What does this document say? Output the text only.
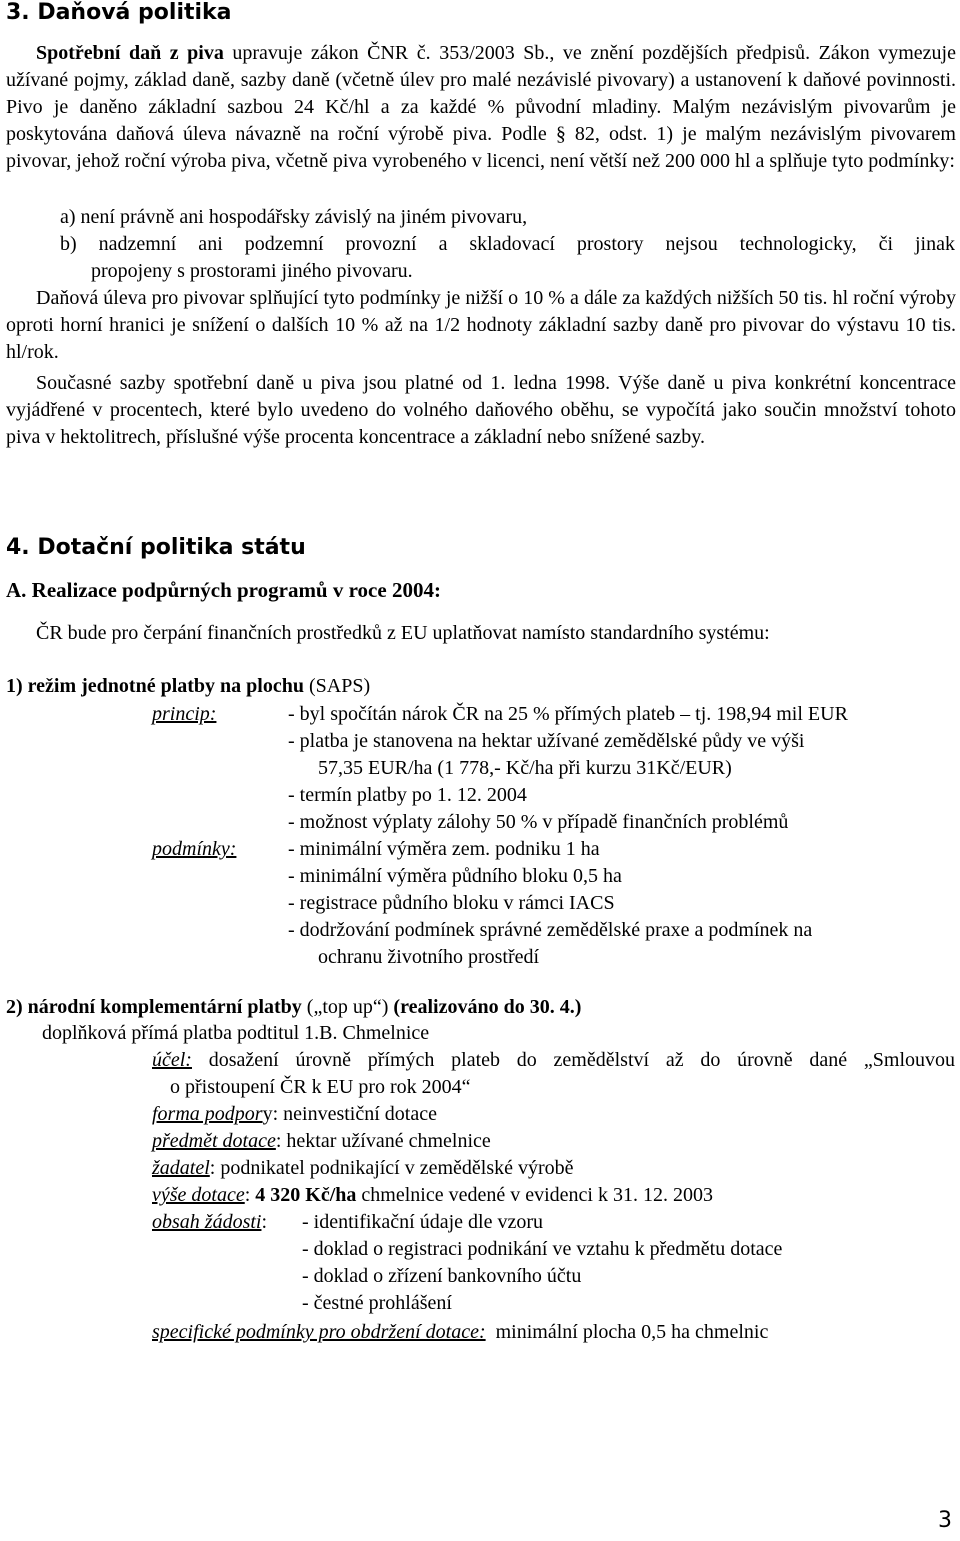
3. Daňová politika

Spotřební daň z piva upravuje zákon ČNR č. 353/2003 Sb., ve znění pozdějších předpisů. Zákon vymezuje užívané pojmy, základ daně, sazby daně (včetně úlev pro malé nezávislé pivovary) a ustanovení k daňové povinnosti. Pivo je daněno základní sazbou 24 Kč/hl a za každé % původní mladiny. Malým nezávislým pivovarům je poskytována daňová úleva návazně na roční výrobě piva. Podle § 82, odst. 1) je malým nezávislým pivovarem pivovar, jehož roční výroba piva, včetně piva vyrobeného v licenci, není větší než 200 000 hl a splňuje tyto podmínky:

a) není právně ani hospodářsky závislý na jiném pivovaru,
b) nadzemní ani podzemní provozní a skladovací prostory nejsou technologicky, či jinak
propojeny s prostorami jiného pivovaru.

Daňová úleva pro pivovar splňující tyto podmínky je nižší o 10 % a dále za každých nižších 50 tis. hl roční výroby oproti horní hranici je snížení o dalších 10 % až na 1/2 hodnoty základní sazby daně pro pivovar do výstavu 10 tis. hl/rok.

Současné sazby spotřební daně u piva jsou platné od 1. ledna 1998. Výše daně u piva konkrétní koncentrace vyjádřené v procentech, které bylo uvedeno do volného daňového oběhu, se vypočítá jako součin množství tohoto piva v hektolitrech, příslušné výše procenta koncentrace a základní nebo snížené sazby.

4. Dotační politika státu
A. Realizace podpůrných programů v roce 2004:
ČR bude pro čerpání finančních prostředků z EU uplatňovat namísto standardního systému:
1) režim jednotné platby na plochu (SAPS)
princip:	- byl spočítán nárok ČR na 25 % přímých plateb – tj. 198,94 mil EUR
- platba je stanovena na hektar užívané zemědělské půdy ve výši
57,35 EUR/ha (1 778,- Kč/ha při kurzu 31Kč/EUR)
- termín platby po 1. 12. 2004
- možnost výplaty zálohy 50 % v případě finančních problémů
podmínky:	- minimální výměra zem. podniku 1 ha
- minimální výměra půdního bloku 0,5 ha
- registrace půdního bloku v rámci IACS
- dodržování podmínek správné zemědělské praxe a podmínek na
ochranu životního prostředí
2) národní komplementární platby („top up“) (realizováno do 30. 4.)
doplňková přímá platba podtitul 1.B. Chmelnice
účel: dosažení úrovně přímých plateb do zemědělství až do úrovně dané „Smlouvou
o přistoupení ČR k EU pro rok 2004“
forma podpory: neinvestiční dotace
předmět dotace: hektar užívané chmelnice
žadatel: podnikatel podnikající v zemědělské výrobě
výše dotace: 4 320 Kč/ha chmelnice vedené v evidenci k 31. 12. 2003
obsah žádosti: - identifikační údaje dle vzoru
- doklad o registraci podnikání ve vztahu k předmětu dotace
- doklad o zřízení bankovního účtu
- čestné prohlášení
specifické podmínky pro obdržení dotace: minimální plocha 0,5 ha chmelnic
3
